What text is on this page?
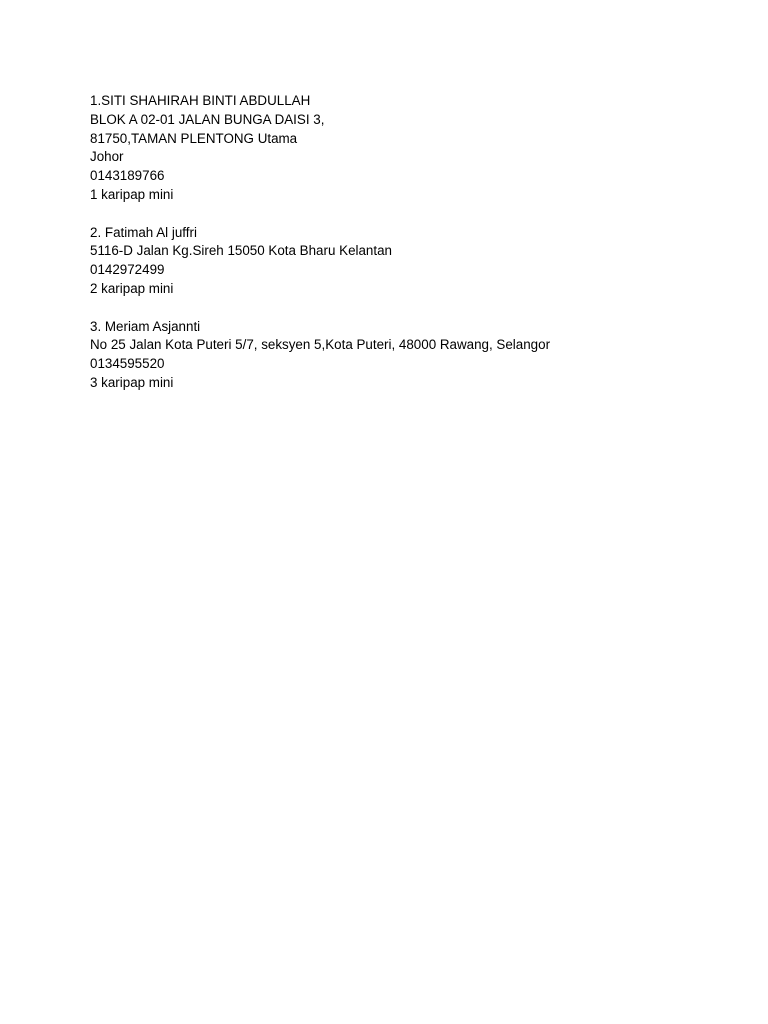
1.SITI SHAHIRAH BINTI ABDULLAH
BLOK A 02-01 JALAN BUNGA DAISI 3,
81750,TAMAN PLENTONG Utama
Johor
0143189766
1 karipap mini
2. Fatimah Al juffri
5116-D Jalan Kg.Sireh 15050 Kota Bharu Kelantan
0142972499
2 karipap mini
3. Meriam Asjannti
No 25 Jalan Kota Puteri 5/7, seksyen 5,Kota Puteri, 48000 Rawang, Selangor
0134595520
3 karipap mini
